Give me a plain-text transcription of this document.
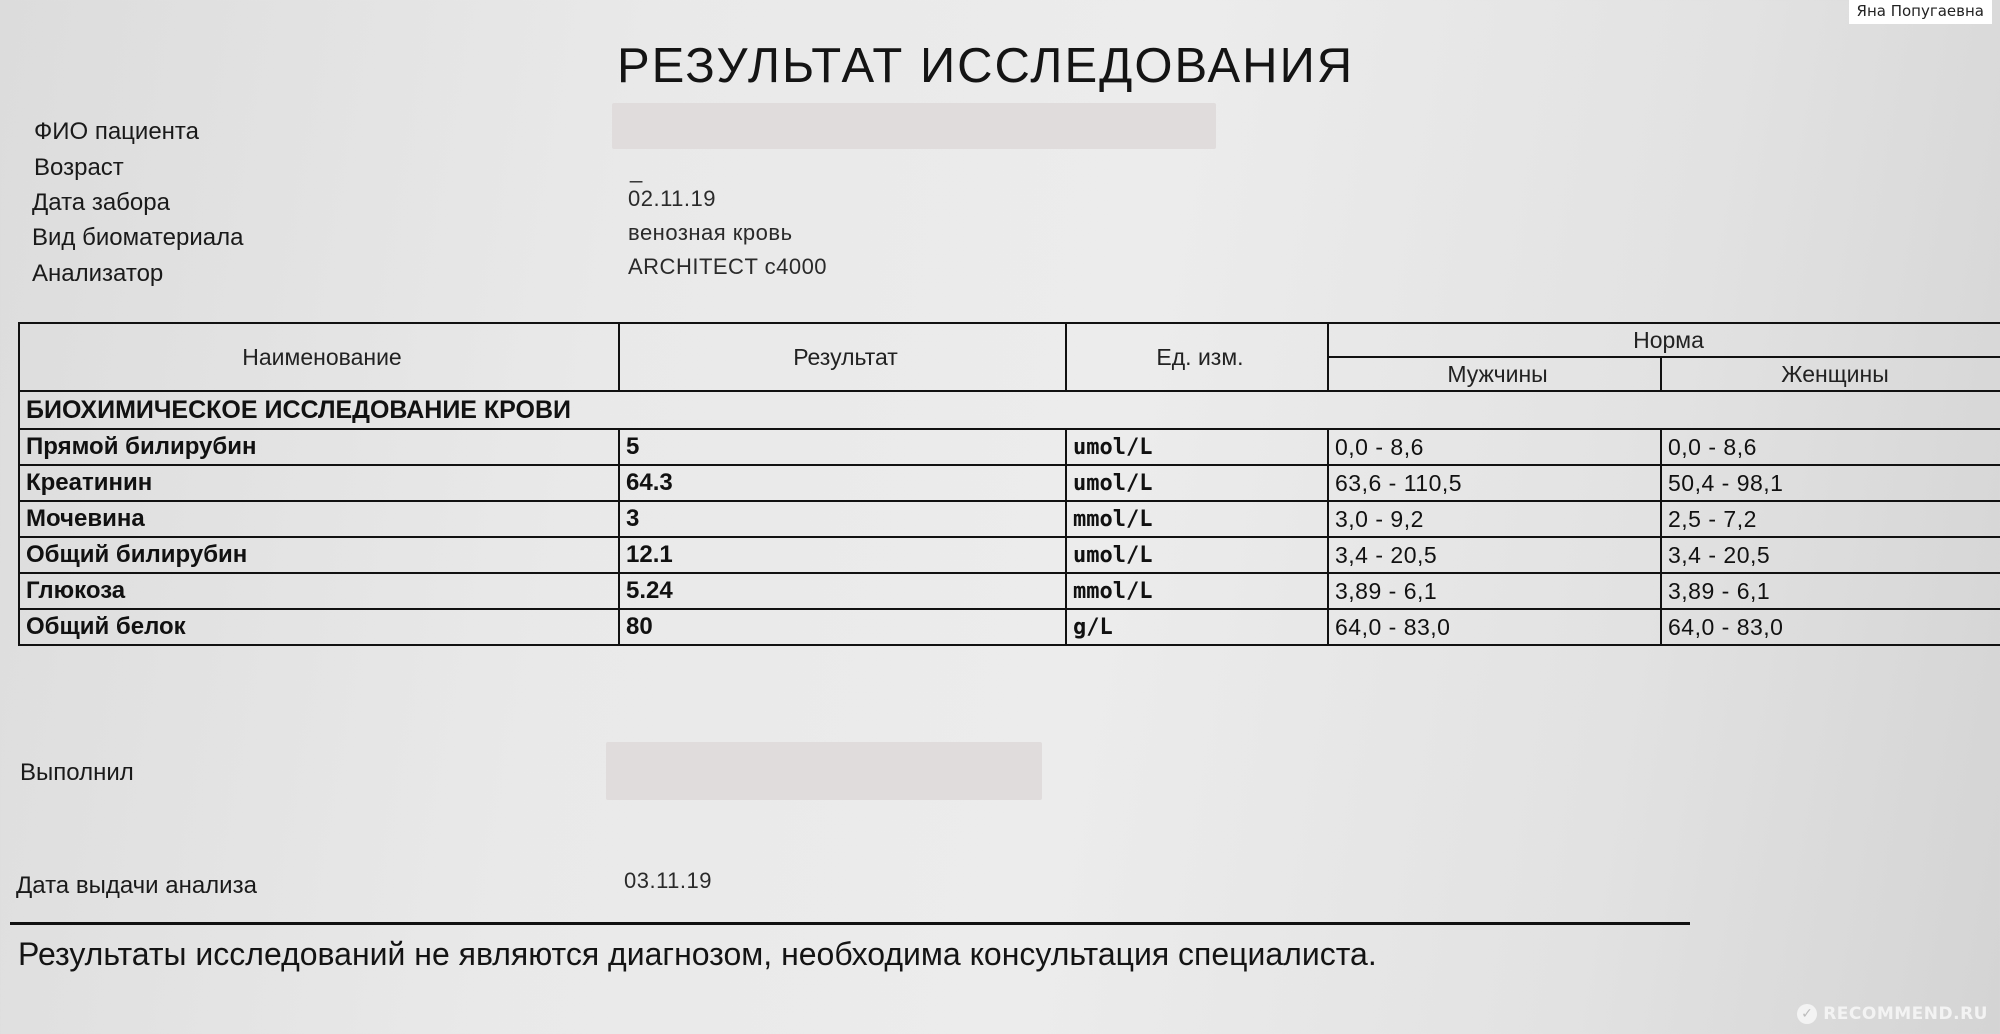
Яна Попугаевна
РЕЗУЛЬТАТ ИССЛЕДОВАНИЯ
ФИО пациента
Возраст	_
Дата забора	02.11.19
Вид биоматериала	венозная кровь
Анализатор	ARCHITECT c4000
Наименование	Результат	Ед. изм.	Норма	
			Мужчины	Женщины
БИОХИМИЧЕСКОЕ ИССЛЕДОВАНИЕ КРОВИ				
Прямой билирубин	5	umol/L	0,0 - 8,6	0,0 - 8,6
Креатинин	64.3	umol/L	63,6 - 110,5	50,4 - 98,1
Мочевина	3	mmol/L	3,0 - 9,2	2,5 - 7,2
Общий билирубин	12.1	umol/L	3,4 - 20,5	3,4 - 20,5
Глюкоза	5.24	mmol/L	3,89 - 6,1	3,89 - 6,1
Общий белок	80	g/L	64,0 - 83,0	64,0 - 83,0
Выполнил
Дата выдачи анализа	03.11.19
Результаты исследований не являются диагнозом, необходима консультация специалиста.
✓ RECOMMEND.RU
